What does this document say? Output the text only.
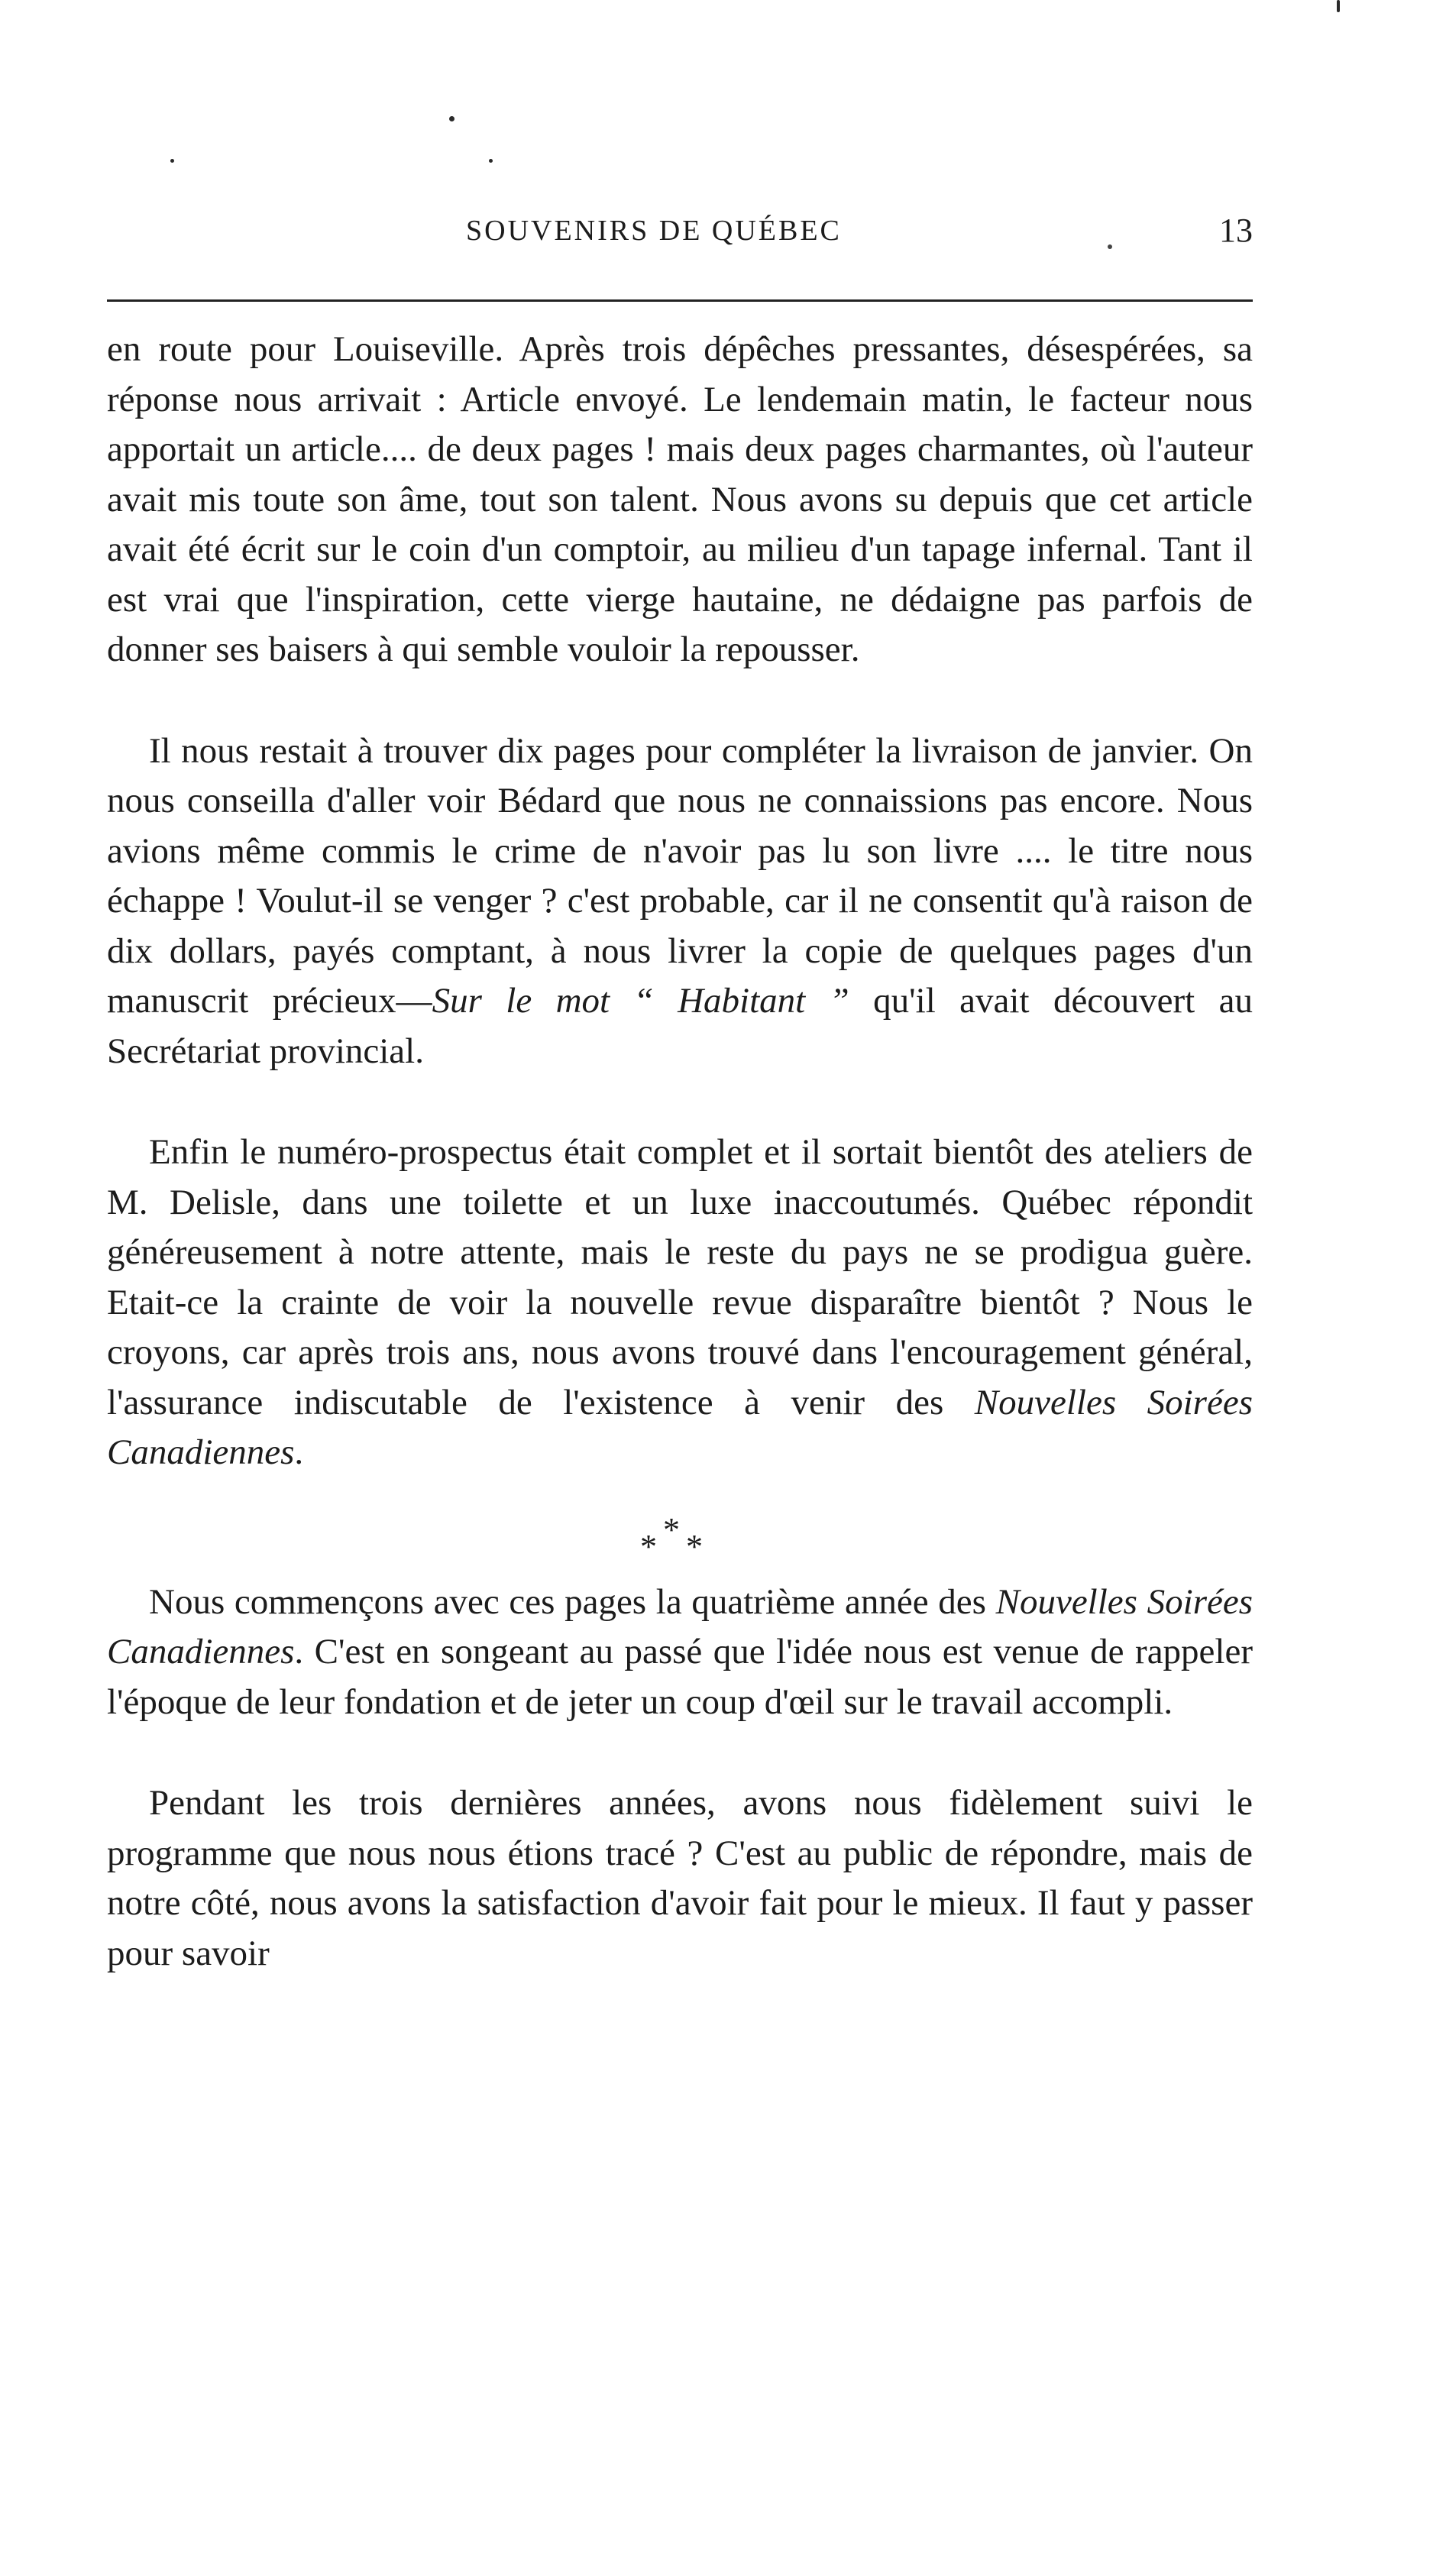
SOUVENIRS DE QUÉBEC	13

en route pour Louiseville. Après trois dépêches pressantes, désespérées, sa réponse nous arrivait : Article envoyé. Le lendemain matin, le facteur nous apportait un article.... de deux pages ! mais deux pages charmantes, où l'auteur avait mis toute son âme, tout son talent. Nous avons su depuis que cet article avait été écrit sur le coin d'un comptoir, au milieu d'un tapage infernal. Tant il est vrai que l'inspiration, cette vierge hautaine, ne dédaigne pas parfois de donner ses baisers à qui semble vouloir la repousser.

Il nous restait à trouver dix pages pour compléter la livraison de janvier. On nous conseilla d'aller voir Bédard que nous ne connaissions pas encore. Nous avions même commis le crime de n'avoir pas lu son livre .... le titre nous échappe ! Voulut-il se venger ? c'est probable, car il ne consentit qu'à raison de dix dollars, payés comptant, à nous livrer la copie de quelques pages d'un manuscrit précieux—Sur le mot “ Habitant ” qu'il avait découvert au Secrétariat provincial.

Enfin le numéro-prospectus était complet et il sortait bientôt des ateliers de M. Delisle, dans une toilette et un luxe inaccoutumés. Québec répondit généreusement à notre attente, mais le reste du pays ne se prodigua guère. Etait-ce la crainte de voir la nouvelle revue disparaître bientôt ? Nous le croyons, car après trois ans, nous avons trouvé dans l'encouragement général, l'assurance indiscutable de l'existence à venir des Nouvelles Soirées Canadiennes.

*
* *

Nous commençons avec ces pages la quatrième année des Nouvelles Soirées Canadiennes. C'est en songeant au passé que l'idée nous est venue de rappeler l'époque de leur fondation et de jeter un coup d'œil sur le travail accompli.

Pendant les trois dernières années, avons nous fidèlement suivi le programme que nous nous étions tracé ? C'est au public de répondre, mais de notre côté, nous avons la satisfaction d'avoir fait pour le mieux. Il faut y passer pour savoir
